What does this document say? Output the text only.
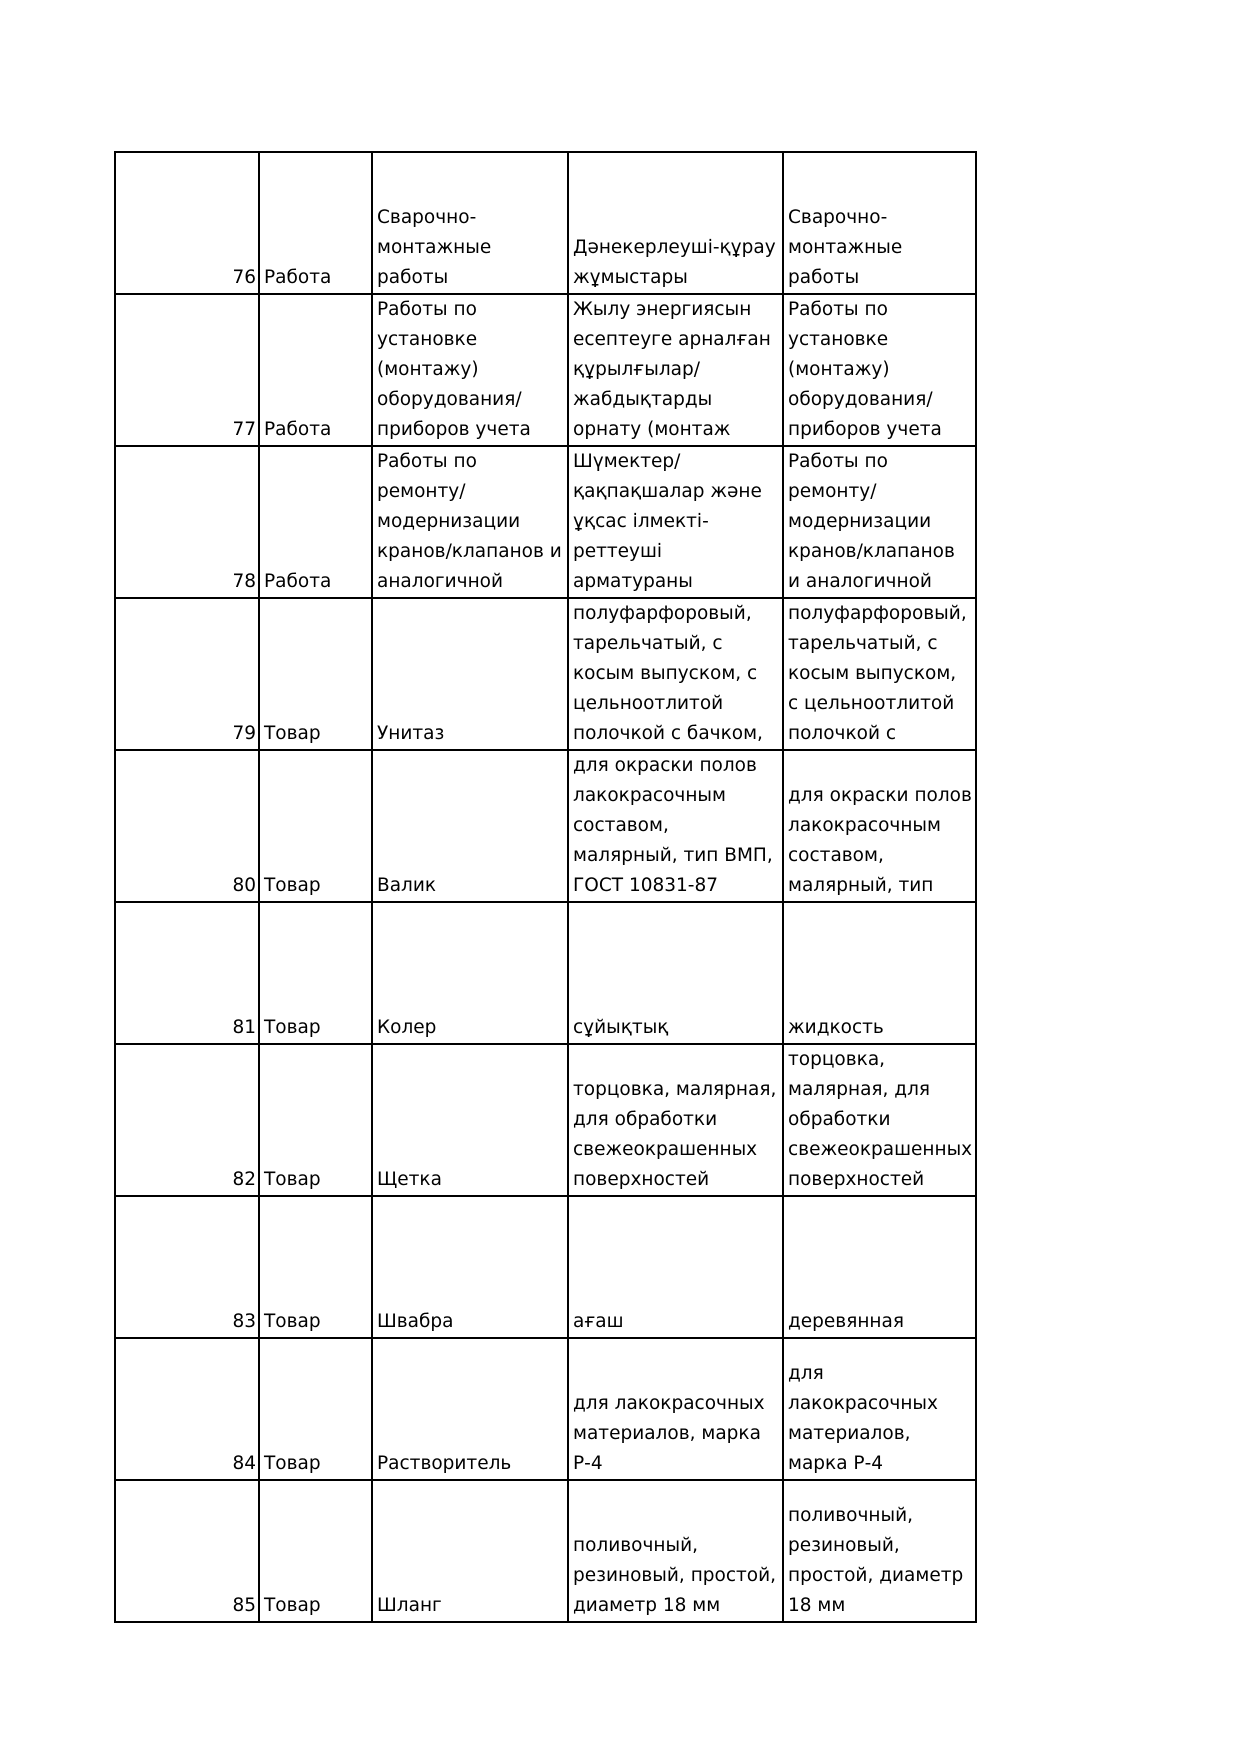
76	Работа	Сварочно-монтажные работы	Дәнекерлеуші-құрау жұмыстары	Сварочно-монтажные работы

77	Работа	Работы по установке (монтажу) оборудования/приборов учета	Жылу энергиясын есептеуге арналған құрылғылар/жабдықтарды орнату (монтаж	Работы по установке (монтажу) оборудования/приборов учета

78	Работа	Работы по ремонту/модернизации кранов/клапанов и аналогичной	Шүмектер/қақпақшалар және ұқсас ілмекті-реттеуші арматураны	Работы по ремонту/модернизации кранов/клапанов и аналогичной

79	Товар	Унитаз	полуфарфоровый, тарельчатый, с косым выпуском, с цельноотлитой полочкой с бачком,	полуфарфоровый, тарельчатый, с косым выпуском, с цельноотлитой полочкой с

80	Товар	Валик	для окраски полов лакокрасочным составом, малярный, тип ВМП, ГОСТ 10831-87	для окраски полов лакокрасочным составом, малярный, тип

81	Товар	Колер	сұйықтық	жидкость

82	Товар	Щетка	торцовка, малярная, для обработки свежеокрашенных поверхностей	торцовка, малярная, для обработки свежеокрашенных поверхностей

83	Товар	Швабра	ағаш	деревянная

84	Товар	Растворитель	для лакокрасочных материалов, марка Р-4	для лакокрасочных материалов, марка Р-4

85	Товар	Шланг	поливочный, резиновый, простой, диаметр 18 мм	поливочный, резиновый, простой, диаметр 18 мм
